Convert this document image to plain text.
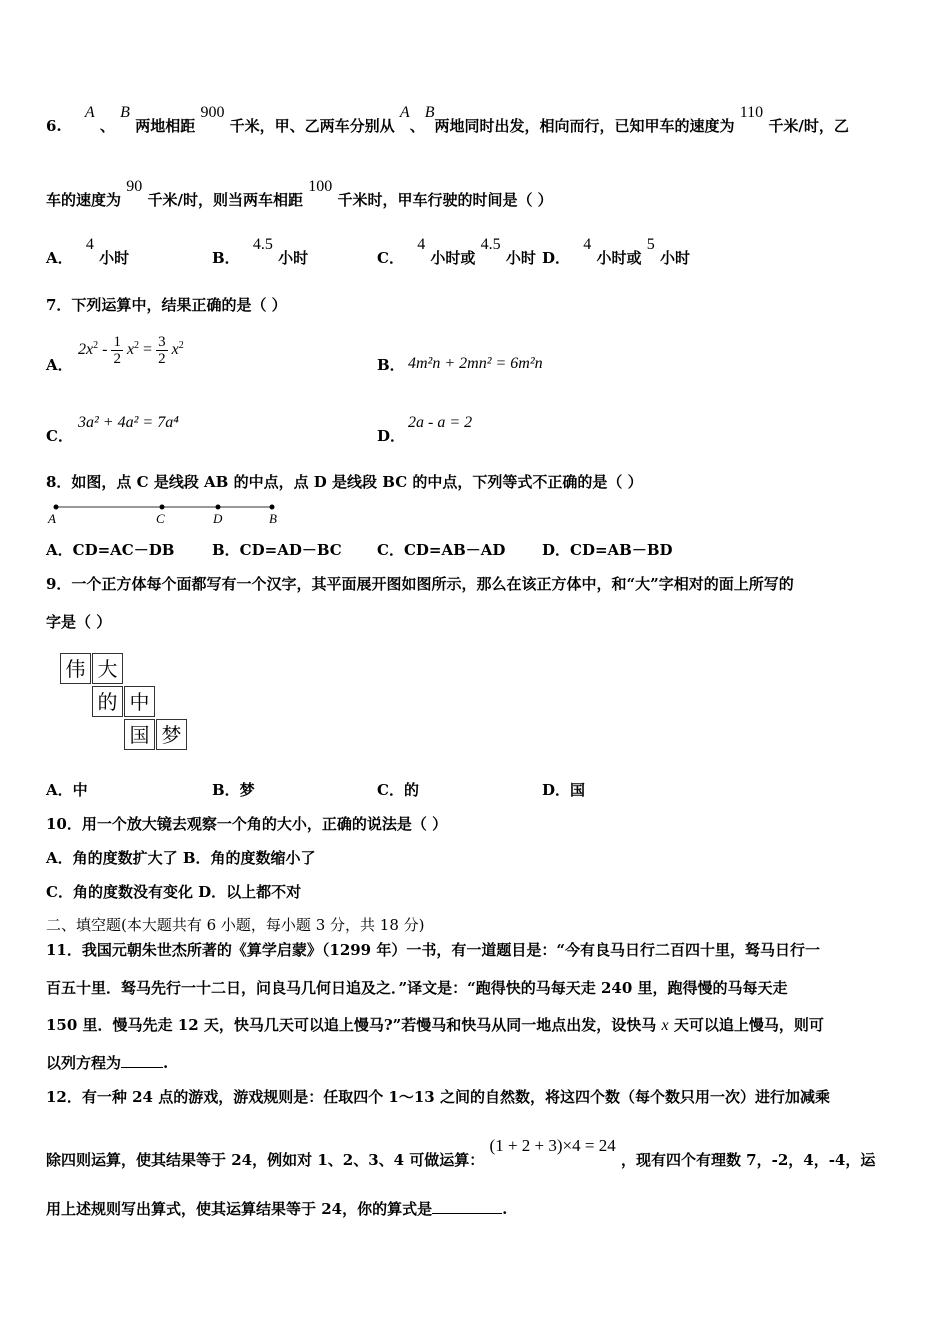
6. A 、 B 两地相距 900 千米，甲、乙两车分别从 A、B两地同时出发，相向而行，已知甲车的速度为 110 千米/时，乙
车的速度为 90 千米/时，则当两车相距 100 千米时，甲车行驶的时间是（ ）
A． 4 小时	B． 4.5 小时	C． 4 小时或 4.5 小时 D． 4 小时或 5 小时
7．下列运算中，结果正确的是（ ）
A．
$2x^2 - \frac{1}{2} x^2 = \frac{3}{2} x^2$
B． 4m²n + 2mn² = 6m²n
C．
3a² + 4a² = 7a⁴
D．
2a - a = 2
8．如图，点 C 是线段 AB 的中点，点 D 是线段 BC 的中点，下列等式不正确的是（ ）
A	C	D	B
A．CD=AC－DB	B．CD=AD－BC C．CD=AB－AD D．CD=AB－BD
9．一个正方体每个面都写有一个汉字，其平面展开图如图所示，那么在该正方体中，和“大”字相对的面上所写的
字是（ ）
伟 大
的 中
国 梦
A．中	B．梦	C．的	D．国
10．用一个放大镜去观察一个角的大小，正确的说法是（ ）
A．角的度数扩大了 B．角的度数缩小了
C．角的度数没有变化 D．以上都不对
二、填空题(本大题共有 6 小题，每小题 3 分，共 18 分)
11．我国元朝朱世杰所著的《算学启蒙》（1299 年）一书，有一道题目是：“今有良马日行二百四十里，驽马日行一
百五十里．驽马先行一十二日，问良马几何日追及之．”译文是：“跑得快的马每天走 240 里，跑得慢的马每天走
150 里．慢马先走 12 天，快马几天可以追上慢马?”若慢马和快马从同一地点出发，设快马 x 天可以追上慢马，则可
以列方程为	.
12．有一种 24 点的游戏，游戏规则是：任取四个 1～13 之间的自然数，将这四个数（每个数只用一次）进行加减乘
除四则运算，使其结果等于 24，例如对 1、2、3、4 可做运算： (1 + 2 + 3)×4 = 24 ，现有四个有理数 7，-2，4，-4，运
用上述规则写出算式，使其运算结果等于 24，你的算式是	.
